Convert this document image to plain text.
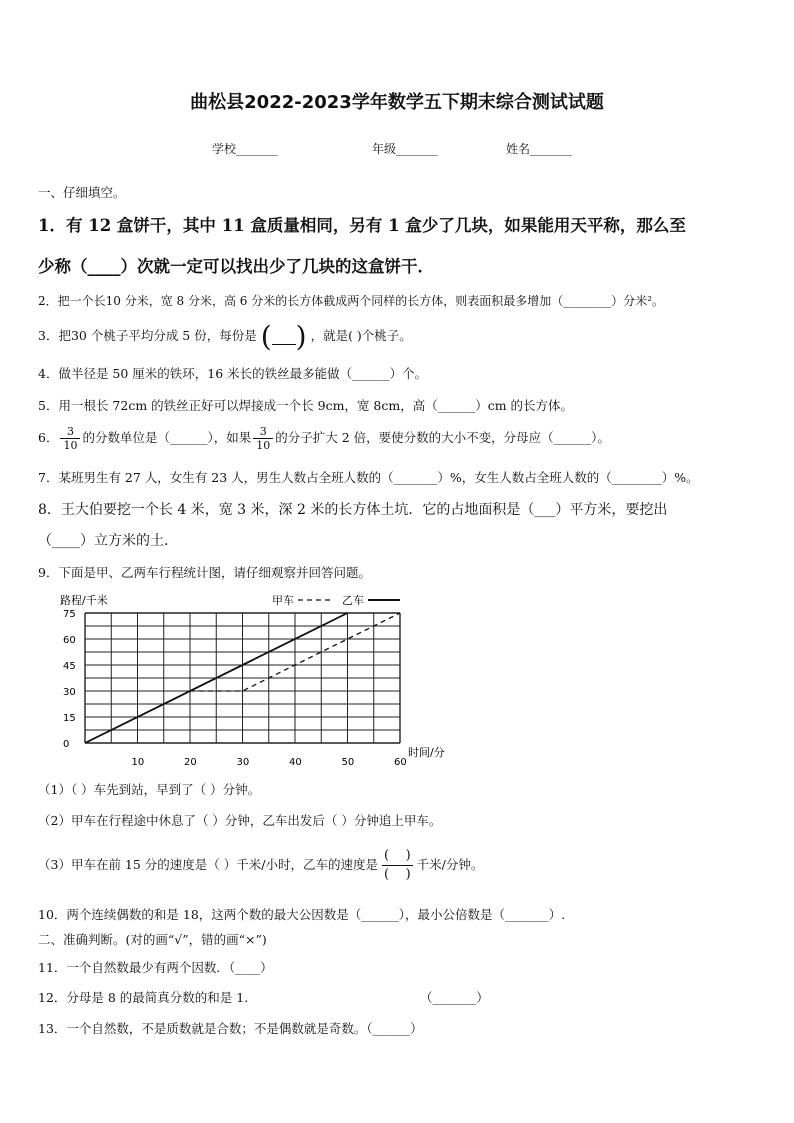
曲松县2022-2023学年数学五下期末综合测试试题
学校_______	年级_______	姓名_______
一、仔细填空。
1．有 12 盒饼干，其中 11 盒质量相同，另有 1 盒少了几块，如果能用天平称，那么至
少称（____）次就一定可以找出少了几块的这盒饼干．
2．把一个长10 分米，宽 8 分米，高 6 分米的长方体截成两个同样的长方体，则表面积最多增加（________）分米²。
3．把30 个桃子平均分成 5 份，每份是 ( ) ，就是( )个桃子。
4．做半径是 50 厘米的铁环，16 米长的铁丝最多能做（______）个。
5．用一根长 72cm 的铁丝正好可以焊接成一个长 9cm，宽 8cm，高（______）cm 的长方体。
6． $\frac{3}{10}$ 的分数单位是（______），如果 $\frac{3}{10}$ 的分子扩大 2 倍，要使分数的大小不变，分母应（______）。
7．某班男生有 27 人，女生有 23 人，男生人数占全班人数的（_______）%，女生人数占全班人数的（________）%。
8．王大伯要挖一个长 4 米，宽 3 米，深 2 米的长方体土坑．它的占地面积是（___）平方米，要挖出
（____）立方米的土．
9．下面是甲、乙两车行程统计图，请仔细观察并回答问题。
0
15
30
45
60
75
10	20	30	40	50	60
路程/千米
时间/分
甲车	乙车
（1）（ ）车先到站，早到了（ ）分钟。
（2）甲车在行程途中休息了（ ）分钟，乙车出发后（ ）分钟追上甲车。
（3）甲车在前 15 分的速度是（ ）千米/小时，乙车的速度是
(    )
(    )
千米/分钟。
10．两个连续偶数的和是 18，这两个数的最大公因数是（______），最小公倍数是（_______）.
二、准确判断。(对的画“√”，错的画“×”)
11．一个自然数最少有两个因数．（____）
12．分母是 8 的最简真分数的和是 1.	（_______）
13．一个自然数，不是质数就是合数；不是偶数就是奇数。（______）
